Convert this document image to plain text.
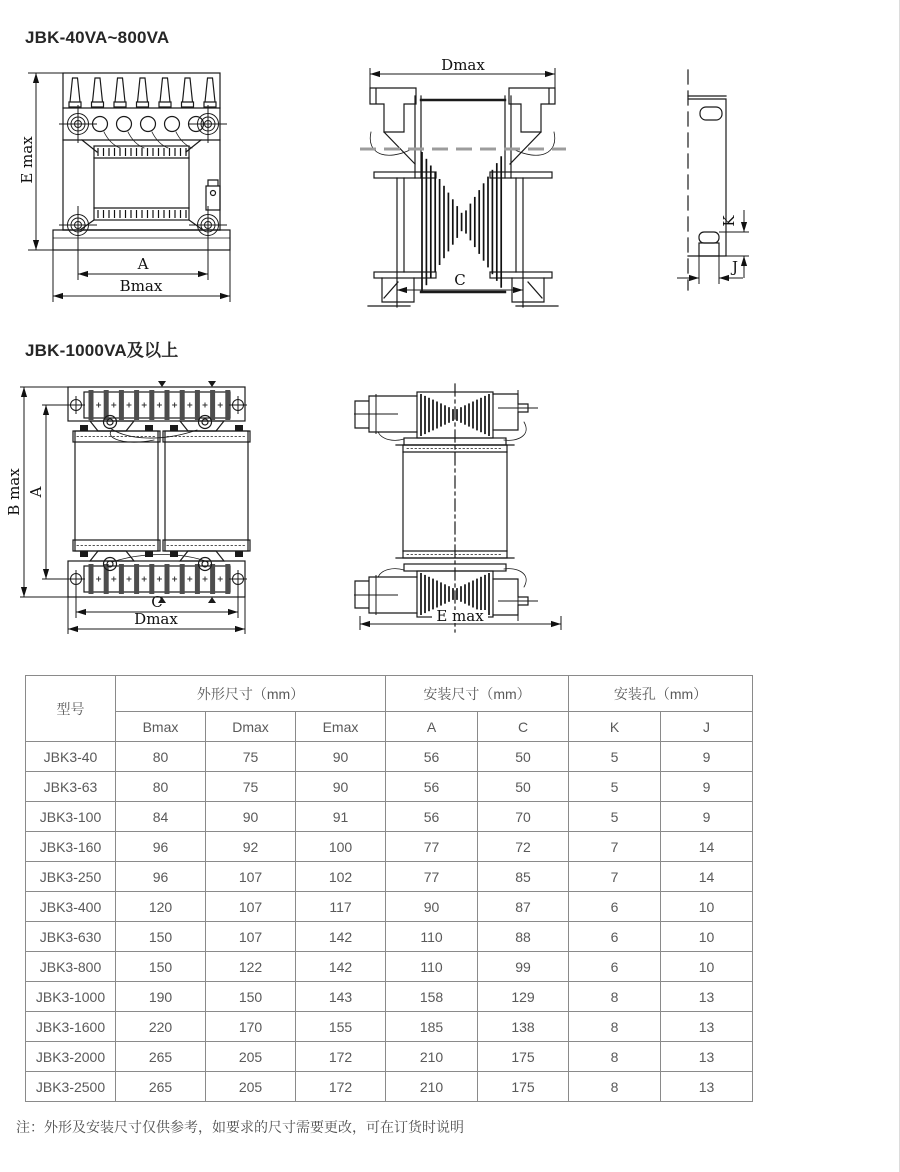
JBK-40VA~800VA
E max
A
Bmax
Dmax
C
K
J
JBK-1000VA及以上
B max A
C
Dmax	E max
型号	外形尺寸（mm）			安装尺寸（mm）		安装孔（mm）	
	Bmax	Dmax	Emax	A	C	K	J
JBK3-40	80	75	90	56	50	5	9
JBK3-63	80	75	90	56	50	5	9
JBK3-100	84	90	91	56	70	5	9
JBK3-160	96	92	100	77	72	7	14
JBK3-250	96	107	102	77	85	7	14
JBK3-400	120	107	117	90	87	6	10
JBK3-630	150	107	142	110	88	6	10
JBK3-800	150	122	142	110	99	6	10
JBK3-1000	190	150	143	158	129	8	13
JBK3-1600	220	170	155	185	138	8	13
JBK3-2000	265	205	172	210	175	8	13
JBK3-2500	265	205	172	210	175	8	13
注：外形及安装尺寸仅供参考，如要求的尺寸需要更改，可在订货时说明
